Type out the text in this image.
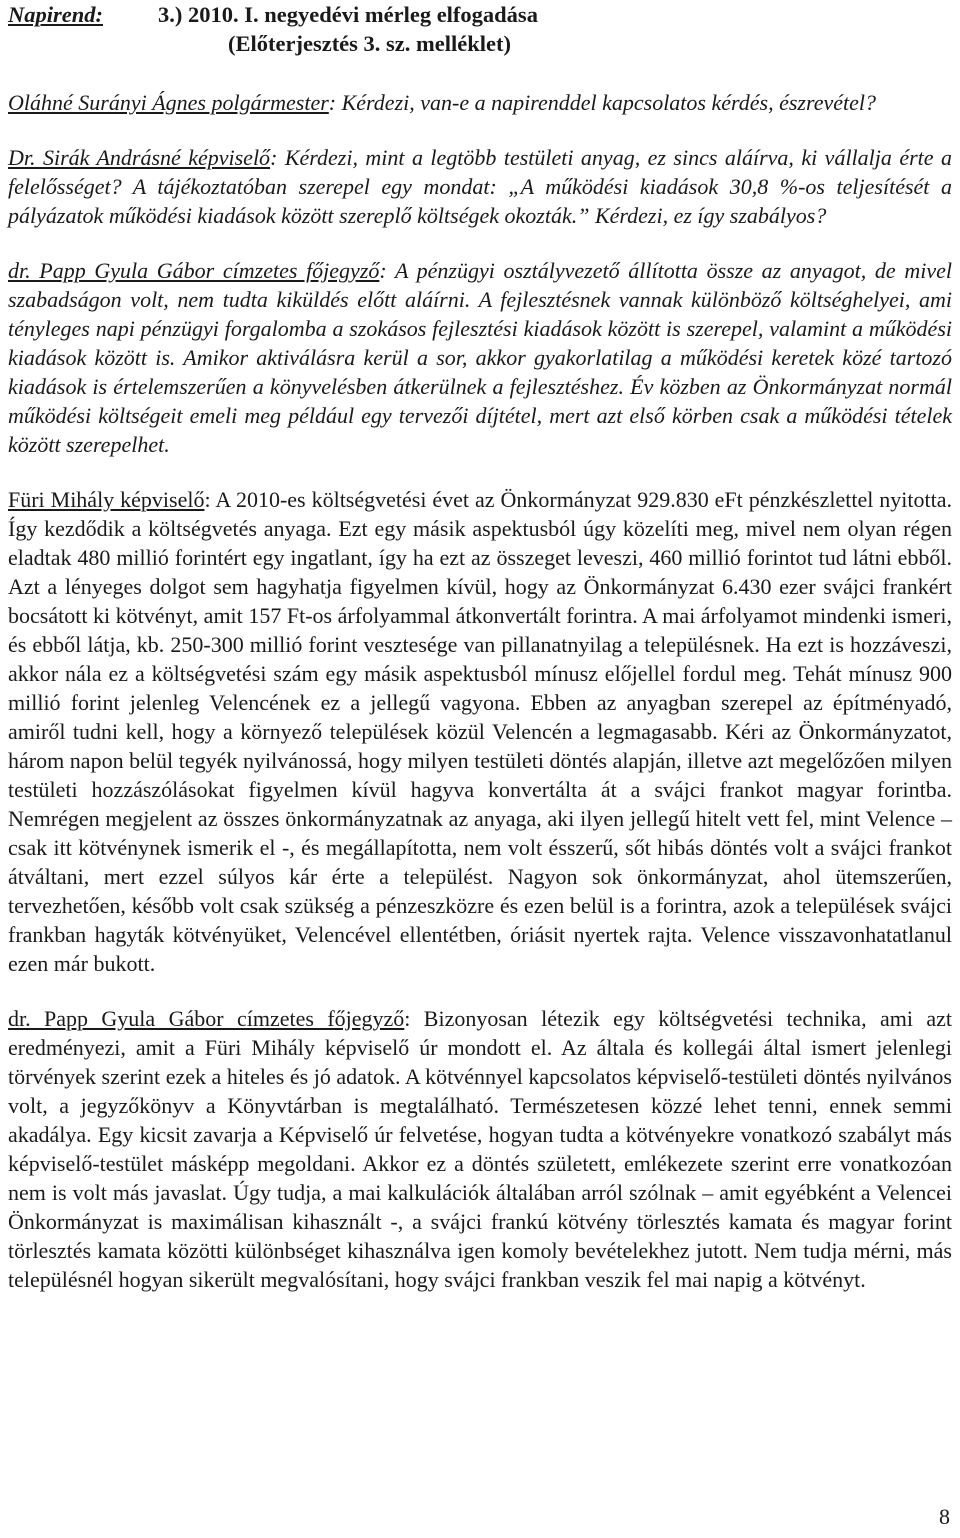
Napirend: 3.) 2010. I. negyedévi mérleg elfogadása
(Előterjesztés 3. sz. melléklet)

Oláhné Surányi Ágnes polgármester: Kérdezi, van-e a napirenddel kapcsolatos kérdés, észrevétel?

Dr. Sirák Andrásné képviselő: Kérdezi, mint a legtöbb testületi anyag, ez sincs aláírva, ki vállalja érte a felelősséget? A tájékoztatóban szerepel egy mondat: „A működési kiadások 30,8 %-os teljesítését a pályázatok működési kiadások között szereplő költségek okozták.” Kérdezi, ez így szabályos?

dr. Papp Gyula Gábor címzetes főjegyző: A pénzügyi osztályvezető állította össze az anyagot, de mivel szabadságon volt, nem tudta kiküldés előtt aláírni. A fejlesztésnek vannak különböző költséghelyei, ami tényleges napi pénzügyi forgalomba a szokásos fejlesztési kiadások között is szerepel, valamint a működési kiadások között is. Amikor aktiválásra kerül a sor, akkor gyakorlatilag a működési keretek közé tartozó kiadások is értelemszerűen a könyvelésben átkerülnek a fejlesztéshez. Év közben az Önkormányzat normál működési költségeit emeli meg például egy tervezői díjtétel, mert azt első körben csak a működési tételek között szerepelhet.

Füri Mihály képviselő: A 2010-es költségvetési évet az Önkormányzat 929.830 eFt pénzkészlettel nyitotta. Így kezdődik a költségvetés anyaga. Ezt egy másik aspektusból úgy közelíti meg, mivel nem olyan régen eladtak 480 millió forintért egy ingatlant, így ha ezt az összeget leveszi, 460 millió forintot tud látni ebből. Azt a lényeges dolgot sem hagyhatja figyelmen kívül, hogy az Önkormányzat 6.430 ezer svájci frankért bocsátott ki kötvényt, amit 157 Ft-os árfolyammal átkonvertált forintra. A mai árfolyamot mindenki ismeri, és ebből látja, kb. 250-300 millió forint vesztesége van pillanatnyilag a településnek. Ha ezt is hozzáveszi, akkor nála ez a költségvetési szám egy másik aspektusból mínusz előjellel fordul meg. Tehát mínusz 900 millió forint jelenleg Velencének ez a jellegű vagyona. Ebben az anyagban szerepel az építményadó, amiről tudni kell, hogy a környező települések közül Velencén a legmagasabb. Kéri az Önkormányzatot, három napon belül tegyék nyilvánossá, hogy milyen testületi döntés alapján, illetve azt megelőzően milyen testületi hozzászólásokat figyelmen kívül hagyva konvertálta át a svájci frankot magyar forintba. Nemrégen megjelent az összes önkormányzatnak az anyaga, aki ilyen jellegű hitelt vett fel, mint Velence – csak itt kötvénynek ismerik el -, és megállapította, nem volt ésszerű, sőt hibás döntés volt a svájci frankot átváltani, mert ezzel súlyos kár érte a települést. Nagyon sok önkormányzat, ahol ütemszerűen, tervezhetően, később volt csak szükség a pénzeszközre és ezen belül is a forintra, azok a települések svájci frankban hagyták kötvényüket, Velencével ellentétben, óriásit nyertek rajta. Velence visszavonhatatlanul ezen már bukott.

dr. Papp Gyula Gábor címzetes főjegyző: Bizonyosan létezik egy költségvetési technika, ami azt eredményezi, amit a Füri Mihály képviselő úr mondott el. Az általa és kollegái által ismert jelenlegi törvények szerint ezek a hiteles és jó adatok. A kötvénnyel kapcsolatos képviselő-testületi döntés nyilvános volt, a jegyzőkönyv a Könyvtárban is megtalálható. Természetesen közzé lehet tenni, ennek semmi akadálya. Egy kicsit zavarja a Képviselő úr felvetése, hogyan tudta a kötvényekre vonatkozó szabályt más képviselő-testület másképp megoldani. Akkor ez a döntés született, emlékezete szerint erre vonatkozóan nem is volt más javaslat. Úgy tudja, a mai kalkulációk általában arról szólnak – amit egyébként a Velencei Önkormányzat is maximálisan kihasznált -, a svájci frankú kötvény törlesztés kamata és magyar forint törlesztés kamata közötti különbséget kihasználva igen komoly bevételekhez jutott. Nem tudja mérni, más településnél hogyan sikerült megvalósítani, hogy svájci frankban veszik fel mai napig a kötvényt.

8
